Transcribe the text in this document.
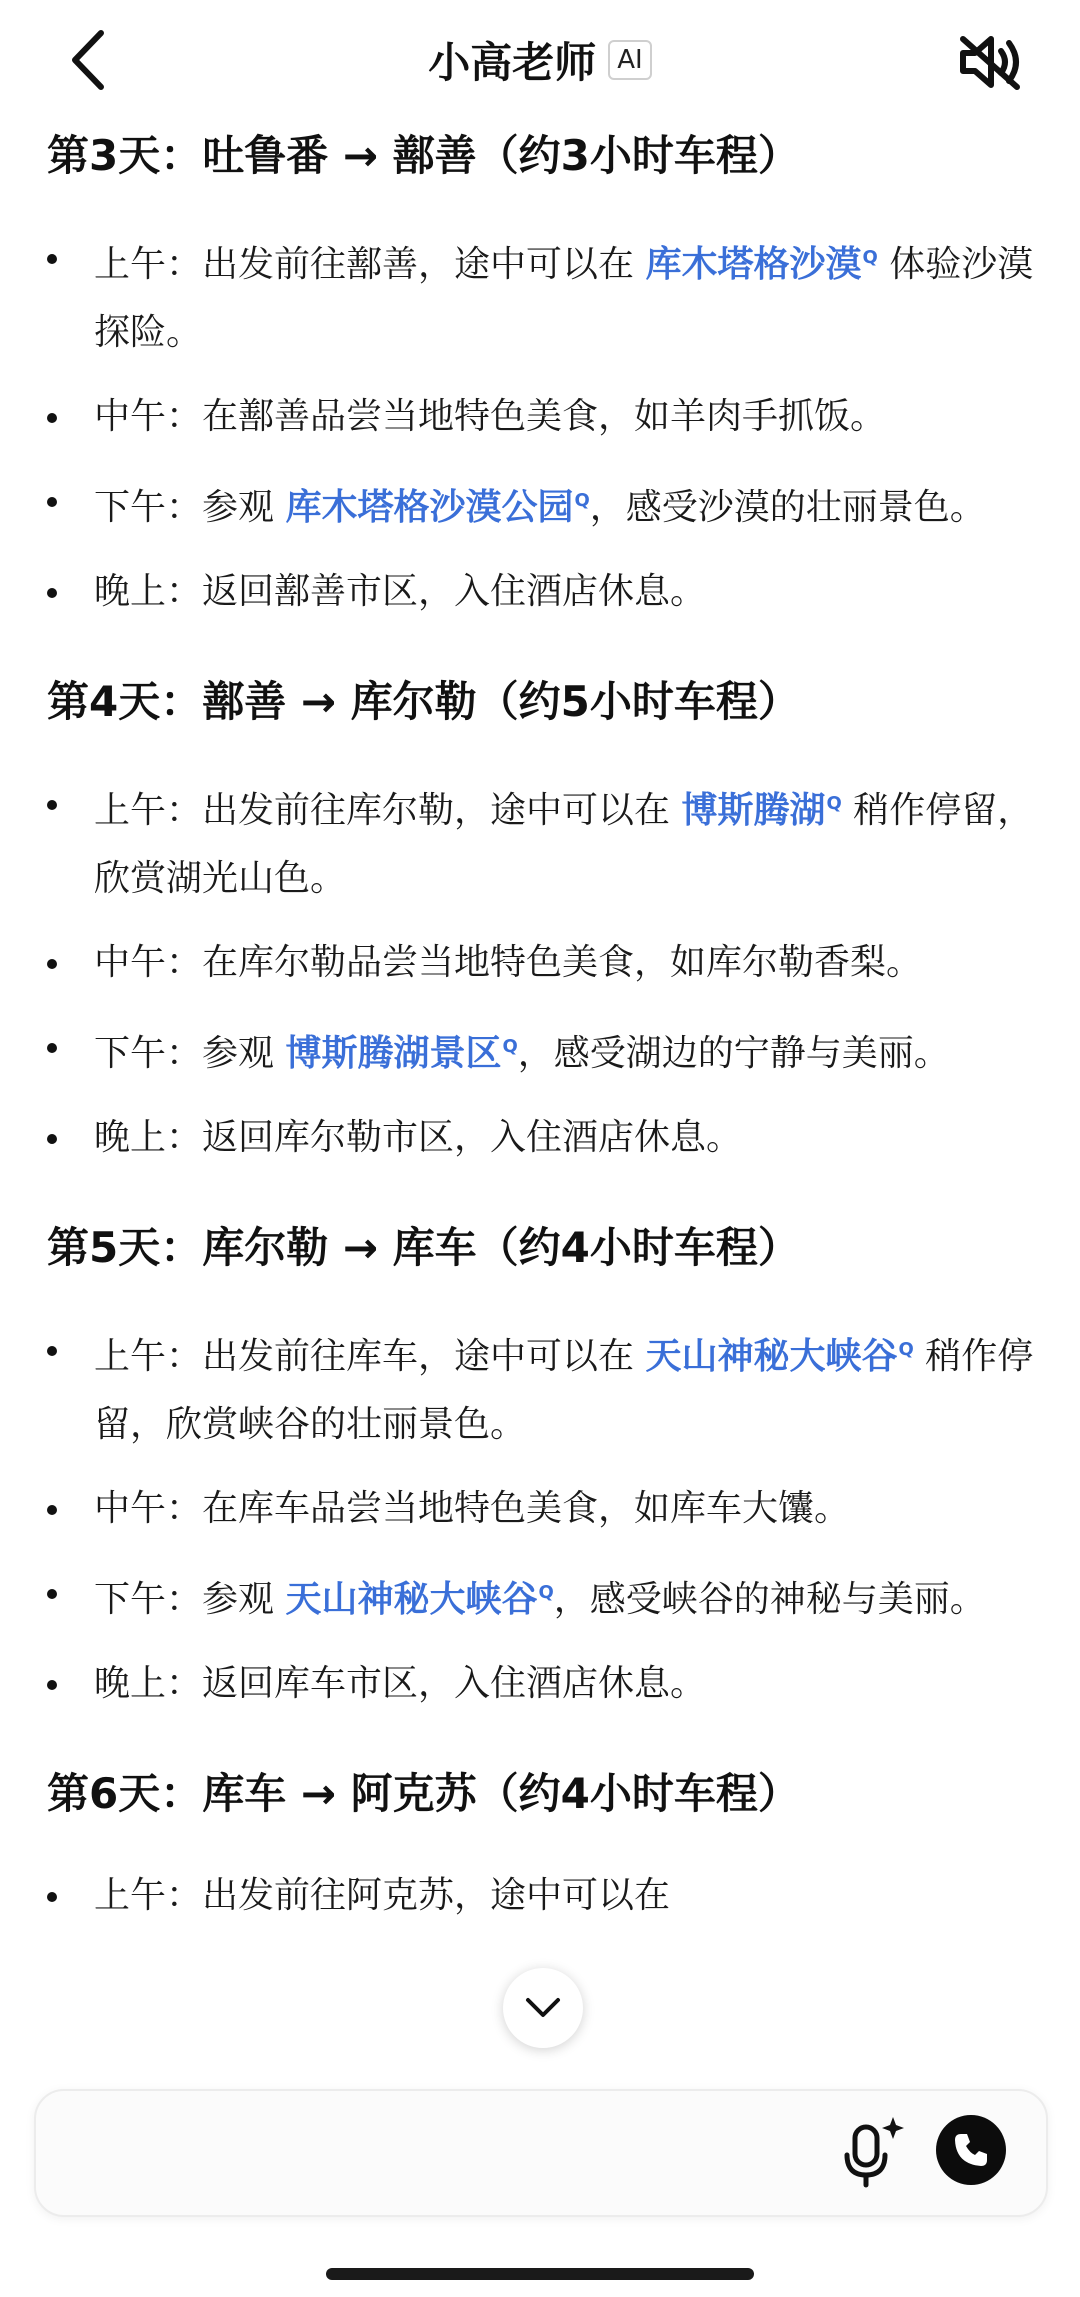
小高老师 AI
第3天：吐鲁番 → 鄯善（约3小时车程）
上午：出发前往鄯善，途中可以在 库木塔格沙漠$^Q$ 体验沙漠探险。
中午：在鄯善品尝当地特色美食，如羊肉手抓饭。
下午：参观 库木塔格沙漠公园$^Q$，感受沙漠的壮丽景色。
晚上：返回鄯善市区，入住酒店休息。
第4天：鄯善 → 库尔勒（约5小时车程）
上午：出发前往库尔勒，途中可以在 博斯腾湖$^Q$ 稍作停留，欣赏湖光山色。
中午：在库尔勒品尝当地特色美食，如库尔勒香梨。
下午：参观 博斯腾湖景区$^Q$，感受湖边的宁静与美丽。
晚上：返回库尔勒市区，入住酒店休息。
第5天：库尔勒 → 库车（约4小时车程）
上午：出发前往库车，途中可以在 天山神秘大峡谷$^Q$ 稍作停留，欣赏峡谷的壮丽景色。
中午：在库车品尝当地特色美食，如库车大馕。
下午：参观 天山神秘大峡谷$^Q$，感受峡谷的神秘与美丽。
晚上：返回库车市区，入住酒店休息。
第6天：库车 → 阿克苏（约4小时车程）
上午：出发前往阿克苏，途中可以在
